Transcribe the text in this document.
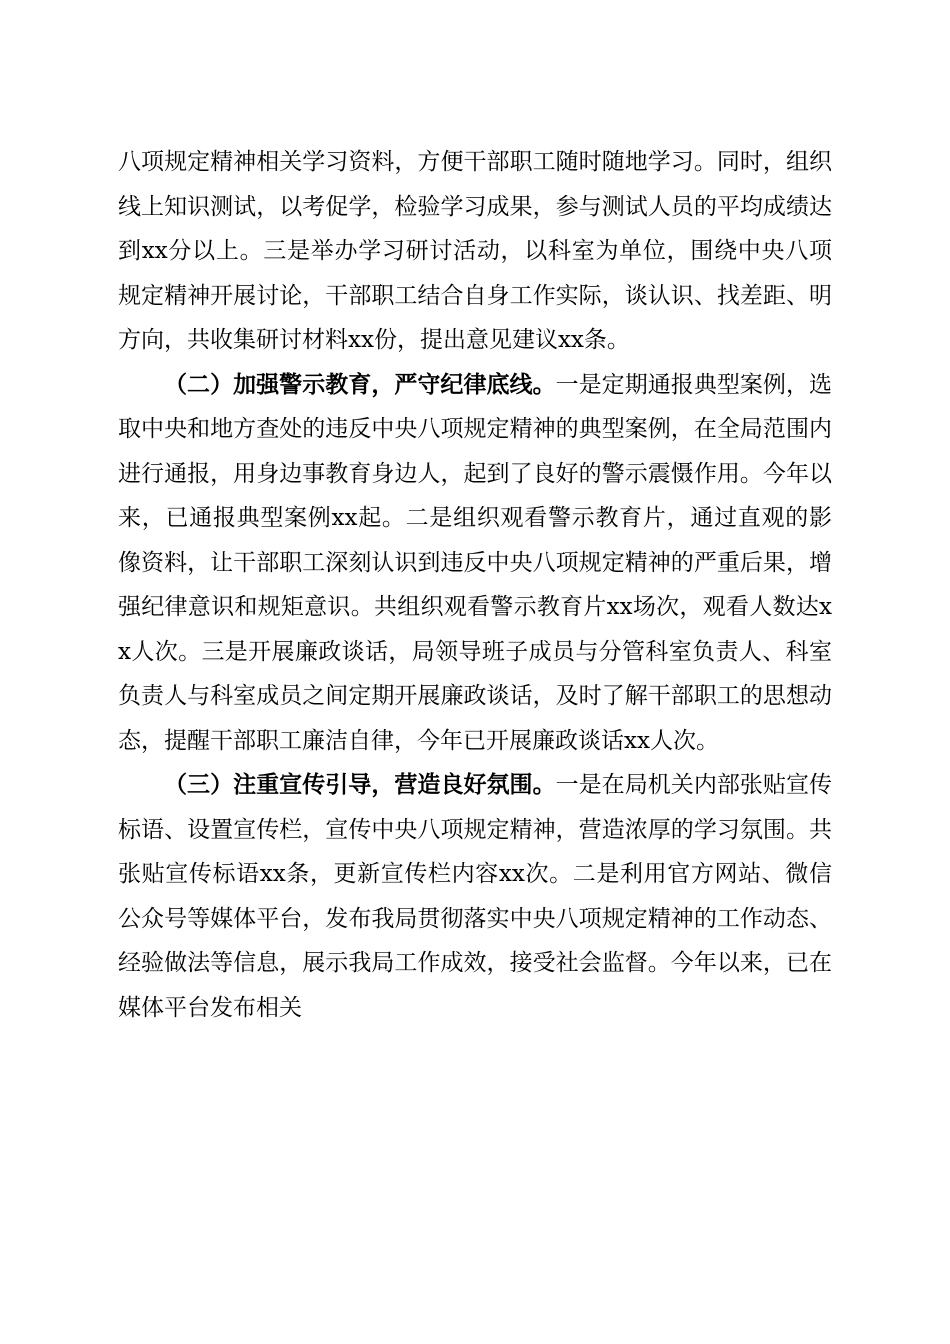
八项规定精神相关学习资料，方便干部职工随时随地学习。同时，组织线上知识测试，以考促学，检验学习成果，参与测试人员的平均成绩达到xx分以上。三是举办学习研讨活动，以科室为单位，围绕中央八项规定精神开展讨论，干部职工结合自身工作实际，谈认识、找差距、明方向，共收集研讨材料xx份，提出意见建议xx条。

（二）加强警示教育，严守纪律底线。一是定期通报典型案例，选取中央和地方查处的违反中央八项规定精神的典型案例，在全局范围内进行通报，用身边事教育身边人，起到了良好的警示震慑作用。今年以来，已通报典型案例xx起。二是组织观看警示教育片，通过直观的影像资料，让干部职工深刻认识到违反中央八项规定精神的严重后果，增强纪律意识和规矩意识。共组织观看警示教育片xx场次，观看人数达xx人次。三是开展廉政谈话，局领导班子成员与分管科室负责人、科室负责人与科室成员之间定期开展廉政谈话，及时了解干部职工的思想动态，提醒干部职工廉洁自律，今年已开展廉政谈话xx人次。

（三）注重宣传引导，营造良好氛围。一是在局机关内部张贴宣传标语、设置宣传栏，宣传中央八项规定精神，营造浓厚的学习氛围。共张贴宣传标语xx条，更新宣传栏内容xx次。二是利用官方网站、微信公众号等媒体平台，发布我局贯彻落实中央八项规定精神的工作动态、经验做法等信息，展示我局工作成效，接受社会监督。今年以来，已在媒体平台发布相关
